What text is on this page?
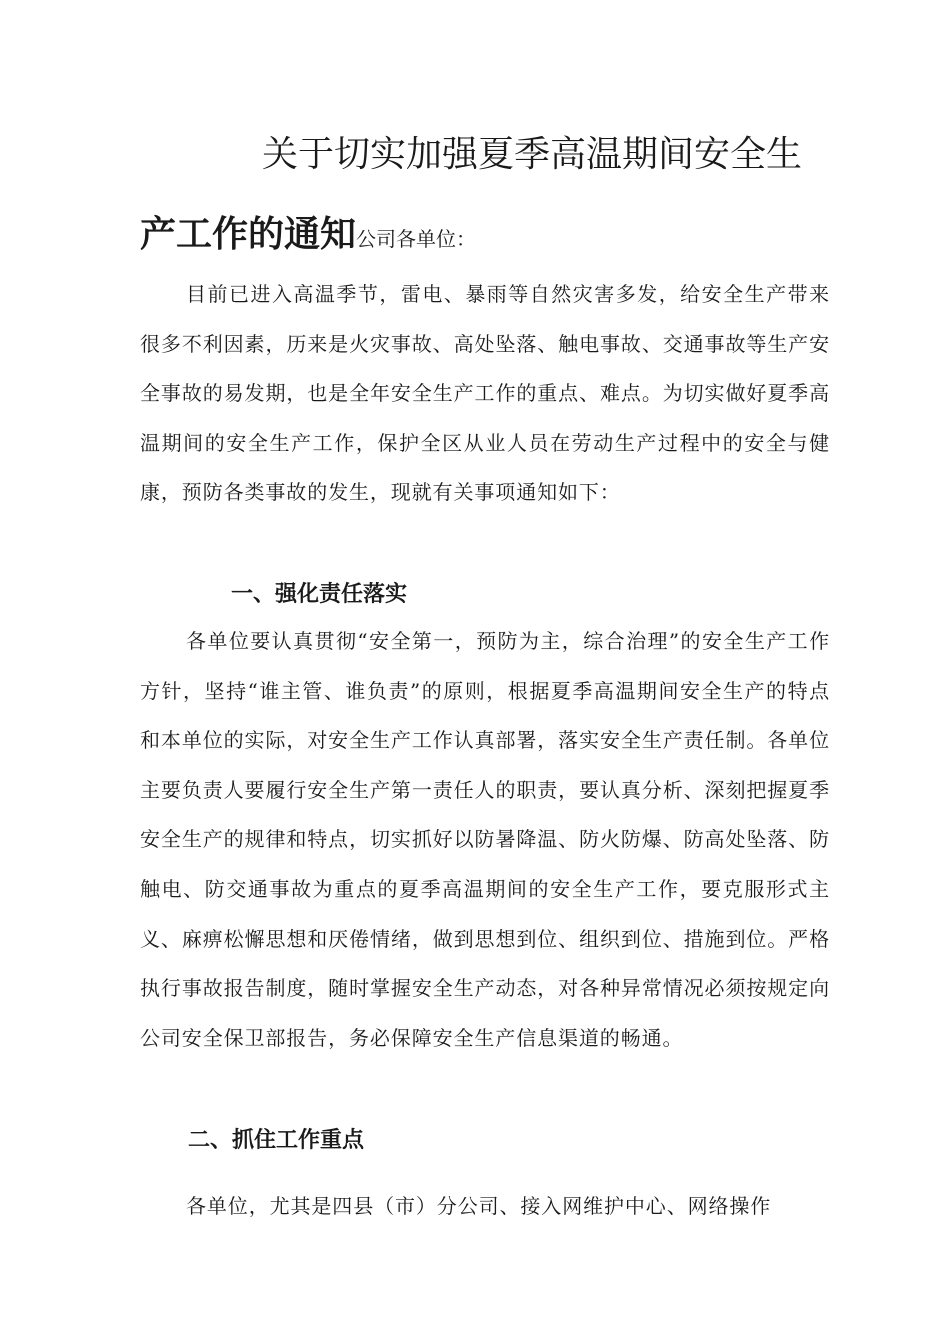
关于切实加强夏季高温期间安全生
产工作的通知公司各单位：

目前已进入高温季节，雷电、暴雨等自然灾害多发，给安全生产带来很多不利因素，历来是火灾事故、高处坠落、触电事故、交通事故等生产安全事故的易发期，也是全年安全生产工作的重点、难点。为切实做好夏季高温期间的安全生产工作，保护全区从业人员在劳动生产过程中的安全与健康，预防各类事故的发生，现就有关事项通知如下：

一、强化责任落实

各单位要认真贯彻“安全第一，预防为主，综合治理”的安全生产工作方针，坚持“谁主管、谁负责”的原则，根据夏季高温期间安全生产的特点和本单位的实际，对安全生产工作认真部署，落实安全生产责任制。各单位主要负责人要履行安全生产第一责任人的职责，要认真分析、深刻把握夏季安全生产的规律和特点，切实抓好以防暑降温、防火防爆、防高处坠落、防触电、防交通事故为重点的夏季高温期间的安全生产工作，要克服形式主义、麻痹松懈思想和厌倦情绪，做到思想到位、组织到位、措施到位。严格执行事故报告制度，随时掌握安全生产动态，对各种异常情况必须按规定向公司安全保卫部报告，务必保障安全生产信息渠道的畅通。

二、抓住工作重点

各单位，尤其是四县（市）分公司、接入网维护中心、网络操作
